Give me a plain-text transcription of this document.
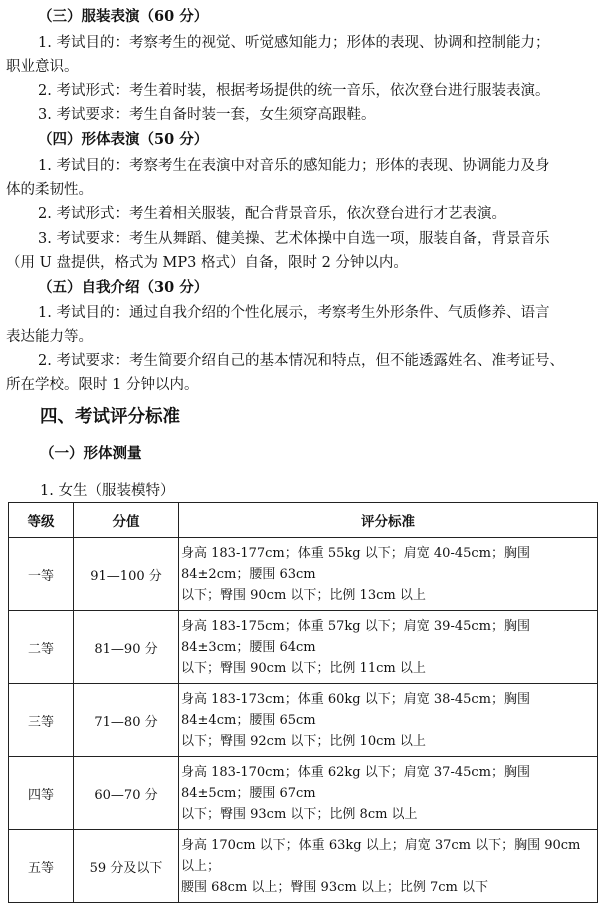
（三）服装表演（60 分）
1. 考试目的：考察考生的视觉、听觉感知能力；形体的表现、协调和控制能力；
职业意识。
2. 考试形式：考生着时装，根据考场提供的统一音乐，依次登台进行服装表演。
3. 考试要求：考生自备时装一套，女生须穿高跟鞋。
（四）形体表演（50 分）
1. 考试目的：考察考生在表演中对音乐的感知能力；形体的表现、协调能力及身
体的柔韧性。
2. 考试形式：考生着相关服装，配合背景音乐，依次登台进行才艺表演。
3. 考试要求：考生从舞蹈、健美操、艺术体操中自选一项，服装自备，背景音乐
（用 U 盘提供，格式为 MP3 格式）自备，限时 2 分钟以内。
（五）自我介绍（30 分）
1. 考试目的：通过自我介绍的个性化展示，考察考生外形条件、气质修养、语言
表达能力等。
2. 考试要求：考生简要介绍自己的基本情况和特点，但不能透露姓名、准考证号、
所在学校。限时 1 分钟以内。
四、考试评分标准
（一）形体测量
1. 女生（服装模特）
等级	分值	评分标准
一等	91—100 分	身高 183-177cm；体重 55kg 以下；肩宽 40-45cm；胸围 84±2cm；腰围 63cm
以下；臀围 90cm 以下；比例 13cm 以上

二等	81—90 分	身高 183-175cm；体重 57kg 以下；肩宽 39-45cm；胸围 84±3cm；腰围 64cm
以下；臀围 90cm 以下；比例 11cm 以上

三等	71—80 分	身高 183-173cm；体重 60kg 以下；肩宽 38-45cm；胸围 84±4cm；腰围 65cm
以下；臀围 92cm 以下；比例 10cm 以上

四等	60—70 分	身高 183-170cm；体重 62kg 以下；肩宽 37-45cm；胸围 84±5cm；腰围 67cm
以下；臀围 93cm 以下；比例 8cm 以上

五等	59 分及以下	身高 170cm 以下；体重 63kg 以上；肩宽 37cm 以下；胸围 90cm 以上；
腰围 68cm 以上；臀围 93cm 以上；比例 7cm 以下
